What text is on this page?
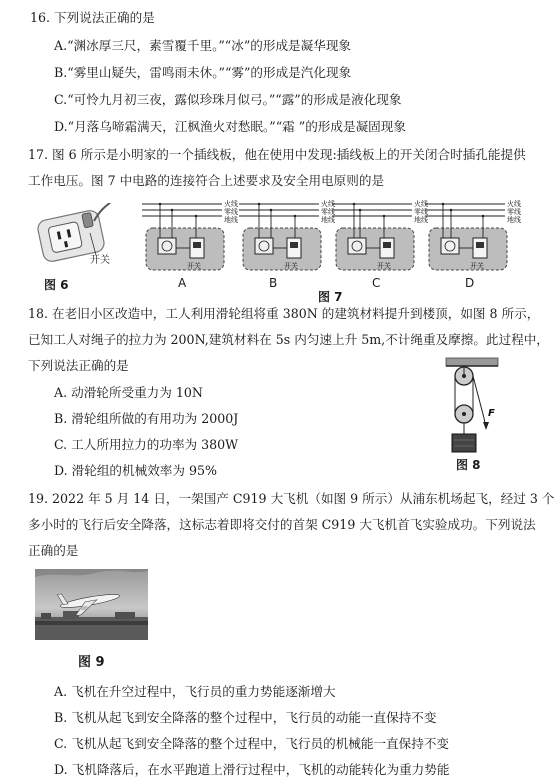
16. 下列说法正确的是
A.“渊冰厚三尺，素雪覆千里。”“冰”的形成是凝华现象
B.“雾里山疑失，雷鸣雨未休。”“雾”的形成是汽化现象
C.“可怜九月初三夜，露似珍珠月似弓。”“露”的形成是液化现象
D.“月落乌啼霜满天，江枫渔火对愁眠。”“霜 ”的形成是凝固现象
17. 图 6 所示是小明家的一个插线板，他在使用中发现:插线板上的开关闭合时插孔能提供
工作电压。图 7 中电路的连接符合上述要求及安全用电原则的是
图 6
开关
火线
零线
地线
开关
火线
零线
地线
开关
火线
零线
地线
开关
火线
零线
地线
开关
A	B	C	D
图 7
18. 在老旧小区改造中，工人利用滑轮组将重 380N 的建筑材料提升到楼顶，如图 8 所示，
已知工人对绳子的拉力为 200N,建筑材料在 5s 内匀速上升 5m,不计绳重及摩擦。此过程中，
下列说法正确的是
A. 动滑轮所受重力为 10N
B. 滑轮组所做的有用功为 2000J
C. 工人所用拉力的功率为 380W
D. 滑轮组的机械效率为 95%
F
图 8
19. 2022 年 5 月 14 日，一架国产 C919 大飞机（如图 9 所示）从浦东机场起飞，经过 3 个
多小时的飞行后安全降落，这标志着即将交付的首架 C919 大飞机首飞实验成功。下列说法
正确的是
图 9
A. 飞机在升空过程中，飞行员的重力势能逐渐增大
B. 飞机从起飞到安全降落的整个过程中，飞行员的动能一直保持不变
C. 飞机从起飞到安全降落的整个过程中，飞行员的机械能一直保持不变
D. 飞机降落后，在水平跑道上滑行过程中，飞机的动能转化为重力势能
